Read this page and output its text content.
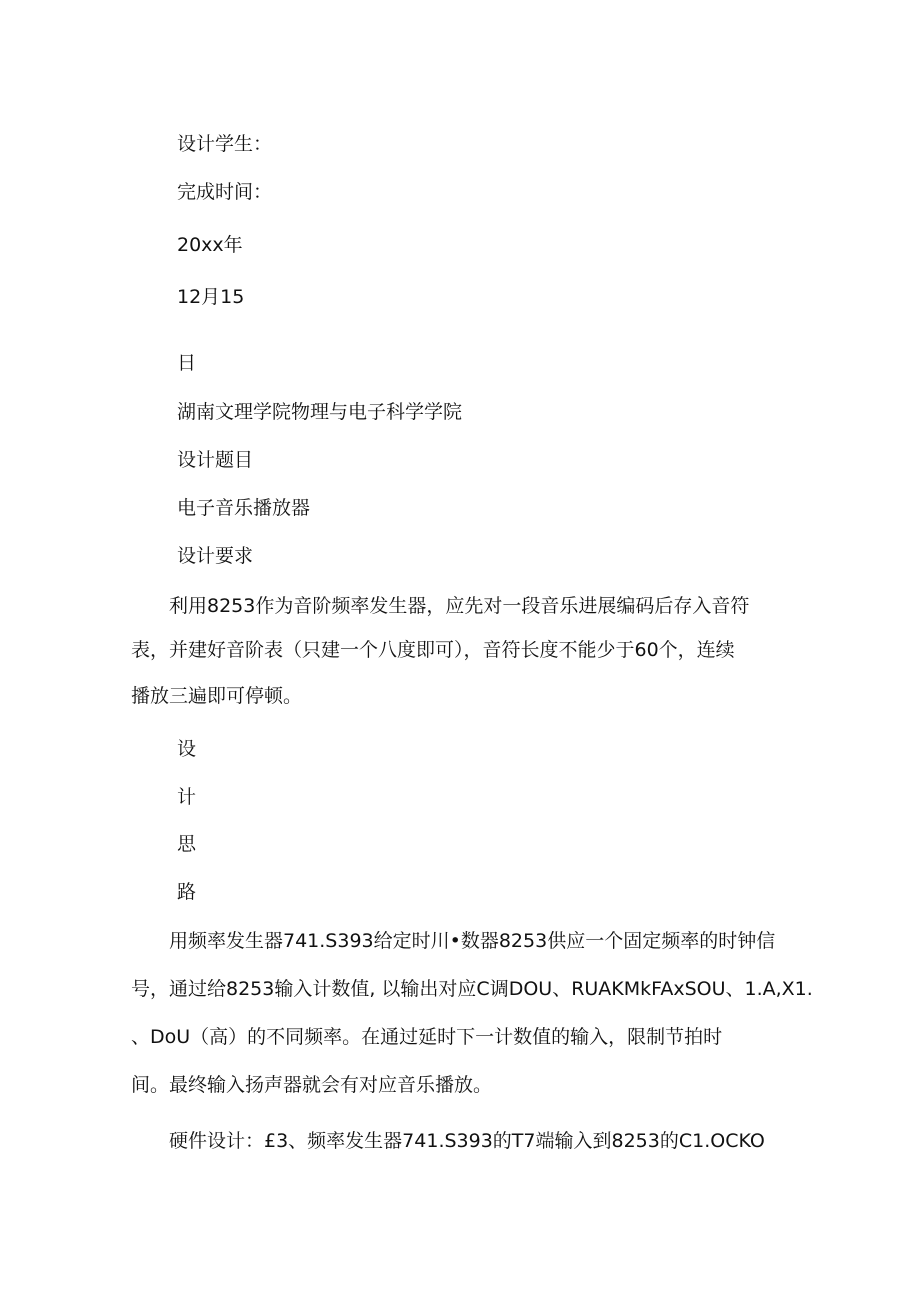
设计学生：
完成时间：
20xx年
12月15
日
湖南文理学院物理与电子科学学院
设计题目
电子音乐播放器
设计要求
　　利用8253作为音阶频率发生器，应先对一段音乐进展编码后存入音符
表，并建好音阶表（只建一个八度即可），音符长度不能少于60个，连续
播放三遍即可停顿。
设
计
思
路
　　用频率发生器741.S393给定时川•数器8253供应一个固定频率的时钟信
号，通过给8253输入计数值, 以输出对应C调DOU、RUAKMkFAxSOU、1.A,X1.
、DoU（高）的不同频率。在通过延时下一计数值的输入，限制节拍时
间。最终输入扬声器就会有对应音乐播放。
　　硬件设计：£3、频率发生器741.S393的T7端输入到8253的C1.OCKO
